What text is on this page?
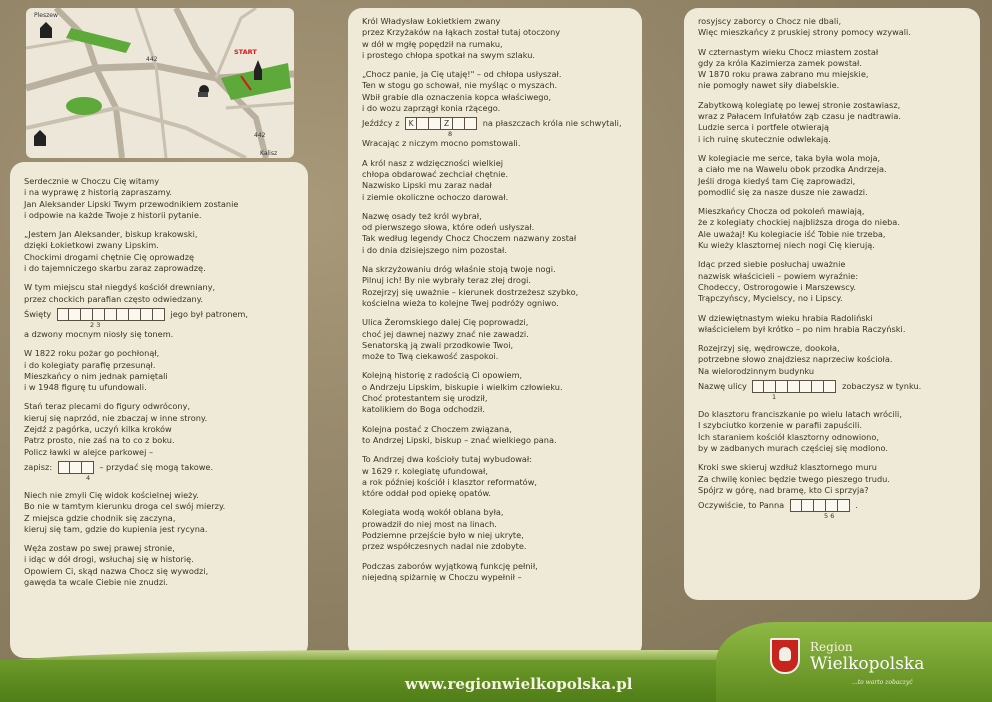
Pleszew
START
442
442
Kalisz

Serdecznie w Choczu Cię witamy
i na wyprawę z historią zapraszamy.
Jan Aleksander Lipski Twym przewodnikiem zostanie
i odpowie na każde Twoje z historii pytanie.

„Jestem Jan Aleksander, biskup krakowski,
dzięki Łokietkowi zwany Lipskim.
Chockimi drogami chętnie Cię oprowadzę
i do tajemniczego skarbu zaraz zaprowadzę.

W tym miejscu stał niegdyś kościół drewniany,
przez chockich parafian często odwiedzany.
Święty	jego był patronem,
2 3
a dzwony mocnym niosły się tonem.

W 1822 roku pożar go pochłonął,
i do kolegiaty parafię przesunął.
Mieszkańcy o nim jednak pamiętali
i w 1948 figurę tu ufundowali.

Stań teraz plecami do figury odwrócony,
kieruj się naprzód, nie zbaczaj w inne strony.
Zejdź z pagórka, uczyń kilka kroków
Patrz prosto, nie zaś na to co z boku.
Policz ławki w alejce parkowej –
zapisz:	– przydać się mogą takowe.
4

Niech nie zmyli Cię widok kościelnej wieży.
Bo nie w tamtym kierunku droga cel swój mierzy.
Z miejsca gdzie chodnik się zaczyna,
kieruj się tam, gdzie do kupienia jest rycyna.

Węża zostaw po swej prawej stronie,
i idąc w dół drogi, wsłuchaj się w historię.
Opowiem Ci, skąd nazwa Chocz się wywodzi,
gawęda ta wcale Ciebie nie znudzi.

Król Władysław Łokietkiem zwany
przez Krzyżaków na łąkach został tutaj otoczony
w dół w mgłę popędził na rumaku,
i prostego chłopa spotkał na swym szlaku.

„Chocz panie, ja Cię utaję!" – od chłopa usłyszał.
Ten w stogu go schował, nie myśląc o myszach.
Wbił grabie dla oznaczenia kopca właściwego,
i do wozu zaprzągł konia rżącego.
Jeźdźcy z	K	Z	na płaszczach króla nie schwytali,
8
Wracając z niczym mocno pomstowali.

A król nasz z wdzięczności wielkiej
chłopa obdarować zechciał chętnie.
Nazwisko Lipski mu zaraz nadał
i ziemie okoliczne ochoczo darował.

Nazwę osady też król wybrał,
od pierwszego słowa, które odeń usłyszał.
Tak według legendy Chocz Choczem nazwany został
i do dnia dzisiejszego nim pozostał.

Na skrzyżowaniu dróg właśnie stoją twoje nogi.
Pilnuj ich! By nie wybrały teraz złej drogi.
Rozejrzyj się uważnie – kierunek dostrzeżesz szybko,
kościelna wieża to kolejne Twej podróży ogniwo.

Ulica Żeromskiego dalej Cię poprowadzi,
choć jej dawnej nazwy znać nie zawadzi.
Senatorską ją zwali przodkowie Twoi,
może to Twą ciekawość zaspokoi.

Kolejną historię z radością Ci opowiem,
o Andrzeju Lipskim, biskupie i wielkim człowieku.
Choć protestantem się urodził,
katolikiem do Boga odchodził.

Kolejna postać z Choczem związana,
to Andrzej Lipski, biskup – znać wielkiego pana.

To Andrzej dwa kościoły tutaj wybudował:
w 1629 r. kolegiatę ufundował,
a rok później kościół i klasztor reformatów,
które oddał pod opiekę opatów.

Kolegiata wodą wokół oblana była,
prowadził do niej most na linach.
Podziemne przejście było w niej ukryte,
przez współczesnych nadal nie zdobyte.

Podczas zaborów wyjątkową funkcję pełnił,
niejedną spiżarnię w Choczu wypełnił –

rosyjscy zaborcy o Chocz nie dbali,
Więc mieszkańcy z pruskiej strony pomocy wzywali.

W czternastym wieku Chocz miastem został
gdy za króla Kazimierza zamek powstał.
W 1870 roku prawa zabrano mu miejskie,
nie pomogły nawet siły diabelskie.

Zabytkową kolegiatę po lewej stronie zostawiasz,
wraz z Pałacem Infułatów ząb czasu je nadtrawia.
Ludzie serca i portfele otwierają
i ich ruinę skutecznie odwlekają.

W kolegiacie me serce, taka była wola moja,
a ciało me na Wawelu obok przodka Andrzeja.
Jeśli droga kiedyś tam Cię zaprowadzi,
pomodlić się za nasze dusze nie zawadzi.

Mieszkańcy Chocza od pokoleń mawiają,
że z kolegiaty chockiej najbliższa droga do nieba.
Ale uważaj! Ku kolegiacie iść Tobie nie trzeba,
Ku wieży klasztornej niech nogi Cię kierują.

Idąc przed siebie posłuchaj uważnie
nazwisk właścicieli – powiem wyraźnie:
Chodeccy, Ostrorogowie i Marszewscy.
Trąpczyńscy, Mycielscy, no i Lipscy.

W dziewiętnastym wieku hrabia Radoliński
właścicielem był krótko – po nim hrabia Raczyński.

Rozejrzyj się, wędrowcze, dookoła,
potrzebne słowo znajdziesz naprzeciw kościoła.
Na wielorodzinnym budynku
Nazwę ulicy	zobaczysz w tynku.
1

Do klasztoru franciszkanie po wielu latach wrócili,
I szybciutko korzenie w parafii zapuścili.
Ich staraniem kościół klasztorny odnowiono,
by w zadbanych murach częściej się modlono.

Kroki swe skieruj wzdłuż klasztornego muru
Za chwilę koniec będzie twego pieszego trudu.
Spójrz w górę, nad bramę, kto Ci sprzyja?
Oczywiście, to Panna	.
5 6

www.regionwielkopolska.pl
Region
Wielkopolska
...to warto zobaczyć
